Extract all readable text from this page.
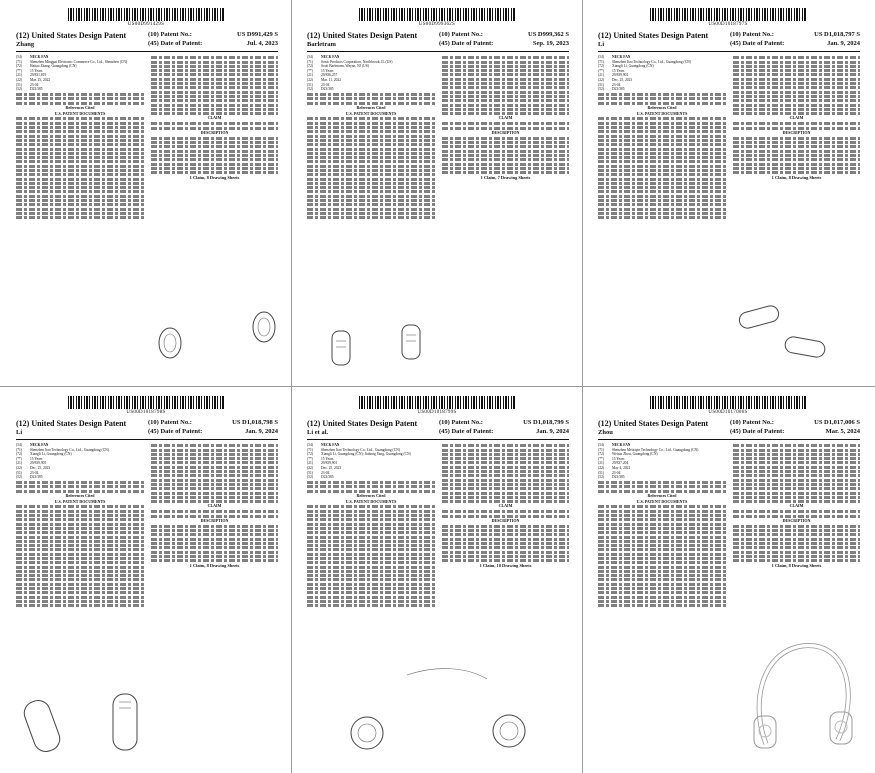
US00D991429S
(12) United States Design Patent
Zhang
(10) Patent No.:	US D991,429 S
(45) Date of Patent:	Jul. 4, 2023
(54)	NECK FAN
(71)	Shenzhen Mingpai Electronic Commerce Co., Ltd., Shenzhen (CN)
(72)	Haitao Zhang, Guangdong (CN)
(**)	15 Years
(21)	29/831,819
(22)	Mar. 25, 2022
(51)	23-04
(52)	D23/385
References Cited
U.S. PATENT DOCUMENTS
CLAIM
DESCRIPTION
1 Claim, 8 Drawing Sheets
US00D999362S
(12) United States Design Patent
Barletram
(10) Patent No.:	US D999,362 S
(45) Date of Patent:	Sep. 19, 2023
(54)	NECK FAN
(71)	Sonic Products Corporation, Northbrook, IL (US)
(72)	Scott Barletram, Wayne, NJ (US)
(**)	15 Years
(21)	29/836,257
(22)	Mar. 11, 2022
(51)	23-04
(52)	D23/385
References Cited
U.S. PATENT DOCUMENTS
CLAIM
DESCRIPTION
1 Claim, 7 Drawing Sheets
US00D1018797S
(12) United States Design Patent
Li
(10) Patent No.:	US D1,018,797 S
(45) Date of Patent:	Jan. 9, 2024
(54)	NECK FAN
(71)	Shenzhen Jiao Technology Co., Ltd., Guangdong (CN)
(72)	Xiangli Li, Guangdong (CN)
(**)	15 Years
(21)	29/839,902
(22)	Dec. 25, 2023
(51)	23-04
(52)	D23/385
References Cited
U.S. PATENT DOCUMENTS
CLAIM
DESCRIPTION
1 Claim, 8 Drawing Sheets
US00D1018798S
(12) United States Design Patent
Li
(10) Patent No.:	US D1,018,798 S
(45) Date of Patent:	Jan. 9, 2024
(54)	NECK FAN
(71)	Shenzhen Jiao Technology Co., Ltd., Guangdong (CN)
(72)	Xiangli Li, Guangdong (CN)
(**)	15 Years
(21)	29/839,905
(22)	Dec. 25, 2023
(51)	23-04
(52)	D23/385
References Cited
U.S. PATENT DOCUMENTS
CLAIM
DESCRIPTION
1 Claim, 8 Drawing Sheets
US00D1018799S
(12) United States Design Patent
Li et al.
(10) Patent No.:	US D1,018,799 S
(45) Date of Patent:	Jan. 9, 2024
(54)	NECK FAN
(71)	Shenzhen Jiao Technology Co., Ltd., Guangdong (CN)
(72)	Xiangli Li, Guangdong (CN); Jiahong Yang, Guangdong (CN)
(**)	15 Years
(21)	29/839,901
(22)	Dec. 25, 2023
(51)	23-04
(52)	D23/385
References Cited
U.S. PATENT DOCUMENTS
CLAIM
DESCRIPTION
1 Claim, 10 Drawing Sheets
US00D1017006S
(12) United States Design Patent
Zhou
(10) Patent No.:	US D1,017,006 S
(45) Date of Patent:	Mar. 5, 2024
(54)	NECK FAN
(71)	Shenzhen Meixiqin Technology Co., Ltd., Guangdong (CN)
(72)	Weixin Zhou, Guangdong (CN)
(**)	15 Years
(21)	29/837,204
(22)	May 4, 2022
(51)	23-04
(52)	D23/385
References Cited
U.S. PATENT DOCUMENTS
CLAIM
DESCRIPTION
1 Claim, 8 Drawing Sheets
